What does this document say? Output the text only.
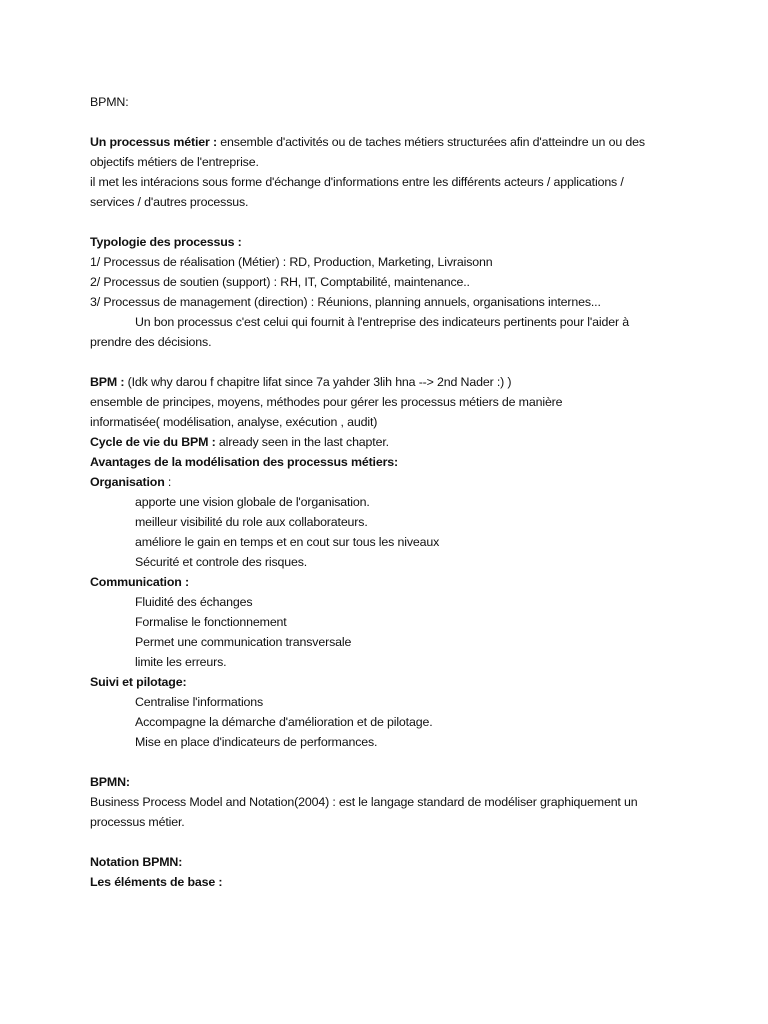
BPMN:
Un processus métier : ensemble d'activités ou de taches métiers structurées afin d'atteindre un ou des
objectifs métiers de l'entreprise.
il met les intéracions sous forme d'échange d'informations entre les différents acteurs / applications /
services / d'autres processus.
Typologie des processus :
1/ Processus de réalisation (Métier) : RD, Production, Marketing, Livraisonn
2/ Processus de soutien (support) : RH, IT, Comptabilité, maintenance..
3/ Processus de management (direction) : Réunions, planning annuels, organisations internes...
Un bon processus c'est celui qui fournit à l'entreprise des indicateurs pertinents pour l'aider à
prendre des décisions.
BPM : (Idk why darou f chapitre lifat since 7a yahder 3lih hna --> 2nd Nader :) )
ensemble de principes, moyens, méthodes pour gérer les processus métiers de manière
informatisée( modélisation, analyse, exécution , audit)
Cycle de vie du BPM : already seen in the last chapter.
Avantages de la modélisation des processus métiers:
Organisation :
apporte une vision globale de l'organisation.
meilleur visibilité du role aux collaborateurs.
améliore le gain en temps et en cout sur tous les niveaux
Sécurité et controle des risques.
Communication :
Fluidité des échanges
Formalise le fonctionnement
Permet une communication transversale
limite les erreurs.
Suivi et pilotage:
Centralise l'informations
Accompagne la démarche d'amélioration et de pilotage.
Mise en place d'indicateurs de performances.
BPMN:
Business Process Model and Notation(2004) : est le langage standard de modéliser graphiquement un
processus métier.
Notation BPMN:
Les éléments de base :
